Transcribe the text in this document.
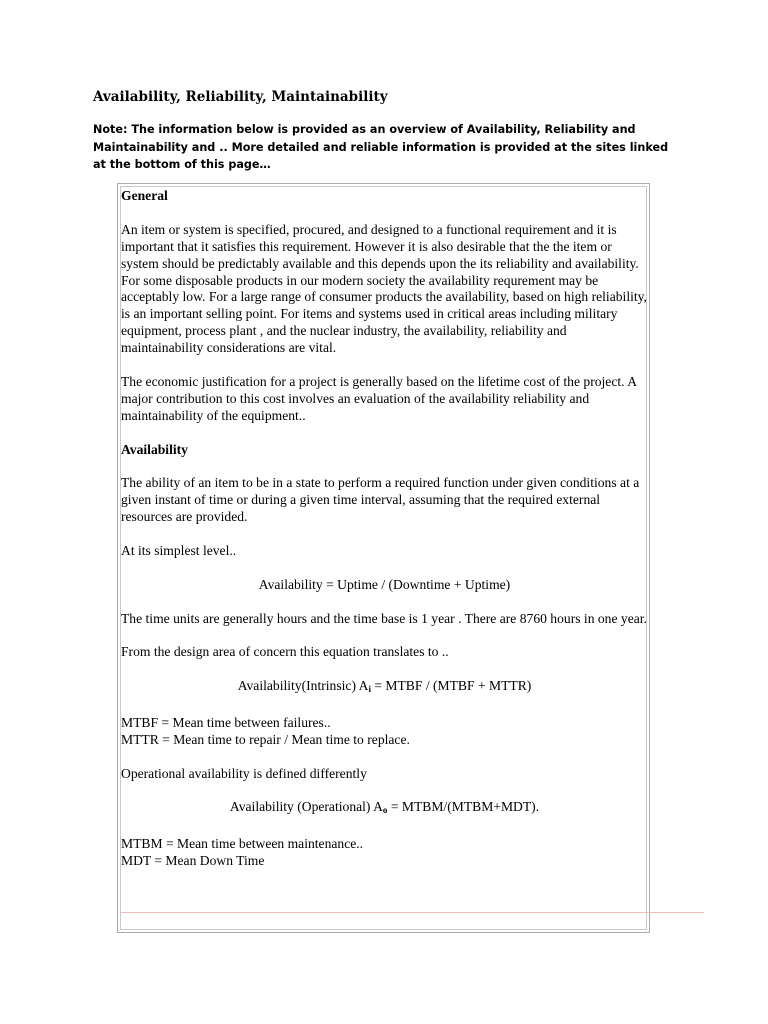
Availability, Reliability, Maintainability

Note: The information below is provided as an overview of Availability, Reliability and Maintainability and .. More detailed and reliable information is provided at the sites linked at the bottom of this page…

General

An item or system is specified, procured, and designed to a functional requirement and it is important that it satisfies this requirement. However it is also desirable that the the item or system should be predictably available and this depends upon the its reliability and availability. For some disposable products in our modern society the availability requrement may be acceptably low. For a large range of consumer products the availability, based on high reliability, is an important selling point. For items and systems used in critical areas including military equipment, process plant , and the nuclear industry, the availability, reliability and maintainability considerations are vital.

The economic justification for a project is generally based on the lifetime cost of the project. A major contribution to this cost involves an evaluation of the availability reliability and maintainability of the equipment..

Availability

The ability of an item to be in a state to perform a required function under given conditions at a given instant of time or during a given time interval, assuming that the required external resources are provided.

At its simplest level..

Availability = Uptime / (Downtime + Uptime)

The time units are generally hours and the time base is 1 year . There are 8760 hours in one year.

From the design area of concern this equation translates to ..

Availability(Intrinsic) $A_i$ = MTBF / (MTBF + MTTR)

MTBF = Mean time between failures..

MTTR = Mean time to repair / Mean time to replace.

Operational availability is defined differently

Availability (Operational) $A_o$ = MTBM/(MTBM+MDT).

MTBM = Mean time between maintenance..

MDT = Mean Down Time
